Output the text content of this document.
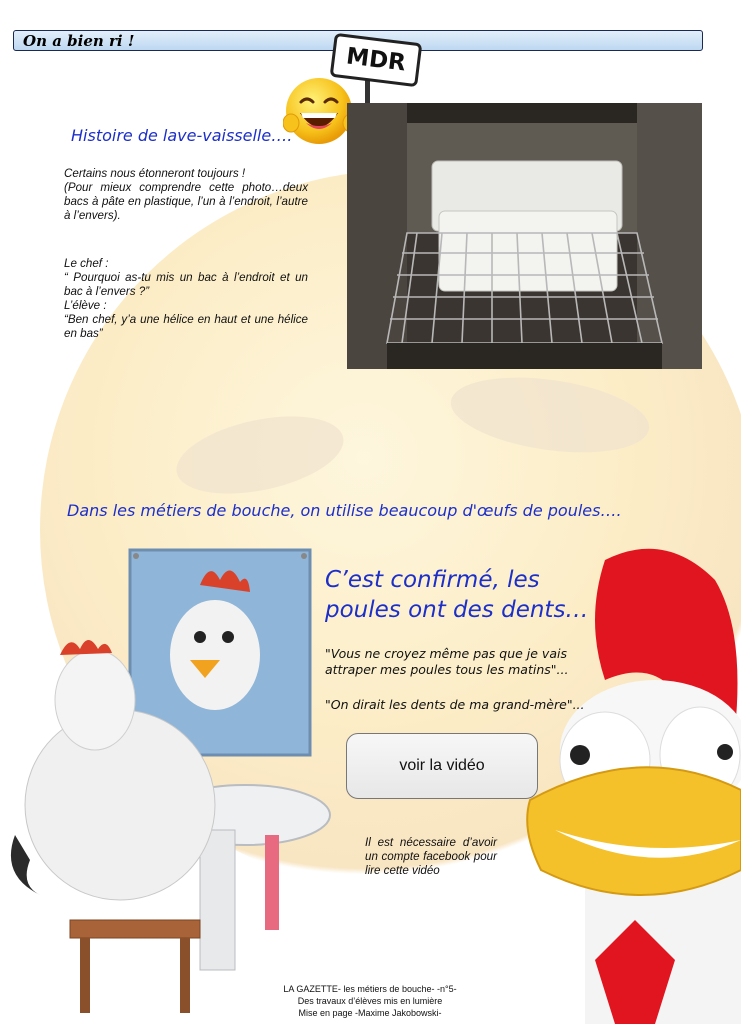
On a bien ri !
MDR
Histoire de lave-vaisselle….
Certains nous étonneront toujours !
(Pour mieux comprendre cette photo…deux bacs à pâte en plastique, l’un à l’endroit, l’autre à l’envers).
Le chef :
“ Pourquoi as-tu mis un bac à l’endroit et un bac à l’envers ?”
L’élève :
“Ben chef, y’a une hélice en haut et une hélice en bas”
Dans les métiers de bouche, on utilise beaucoup d'œufs de poules….
C’est confirmé, les
poules ont des dents…
"Vous ne croyez même pas que je vais
attraper mes poules tous les matins"...
"On dirait les dents de ma grand-mère"...
voir la vidéo
Il est nécessaire d’avoir un compte facebook pour lire cette vidéo
LA GAZETTE- les métiers de bouche- -n°5-
Des travaux d’élèves mis en lumière
Mise en page -Maxime Jakobowski-
